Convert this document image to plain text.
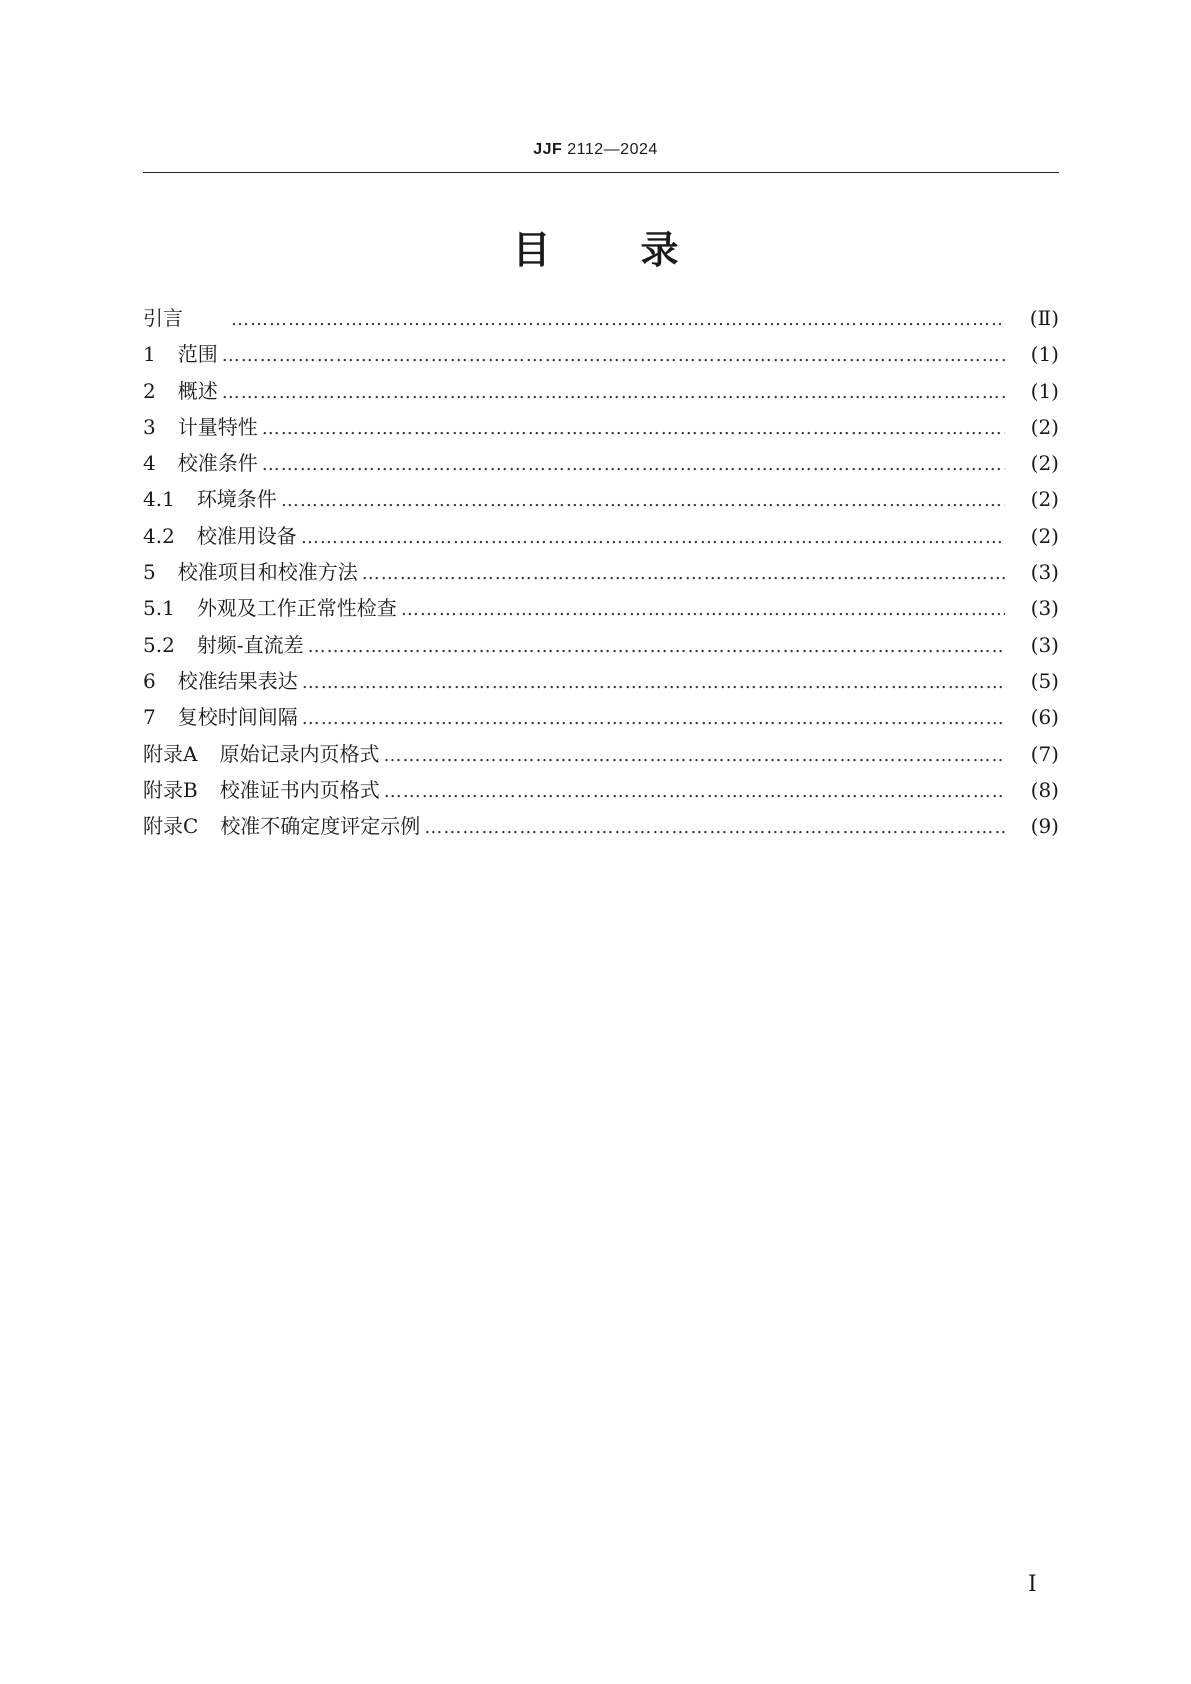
JJF 2112—2024
目 录
引言 …………………………………………………………………………………………………………………………………………	(Ⅱ)
1 范围 …………………………………………………………………………………………………………………………………………	(1)
2 概述 …………………………………………………………………………………………………………………………………………	(1)
3 计量特性 …………………………………………………………………………………………………………………………………………	(2)
4 校准条件 …………………………………………………………………………………………………………………………………………	(2)
4.1 环境条件 …………………………………………………………………………………………………………………………………………	(2)
4.2 校准用设备 …………………………………………………………………………………………………………………………………………	(2)
5 校准项目和校准方法 …………………………………………………………………………………………………………………………………………	(3)
5.1 外观及工作正常性检查 …………………………………………………………………………………………………………………………………………	(3)
5.2 射频-直流差 …………………………………………………………………………………………………………………………………………	(3)
6 校准结果表达 …………………………………………………………………………………………………………………………………………	(5)
7 复校时间间隔 …………………………………………………………………………………………………………………………………………	(6)
附录A 原始记录内页格式 …………………………………………………………………………………………………………………………………………	(7)
附录B 校准证书内页格式 …………………………………………………………………………………………………………………………………………	(8)
附录C 校准不确定度评定示例 …………………………………………………………………………………………………………………………………………	(9)
Ⅰ
